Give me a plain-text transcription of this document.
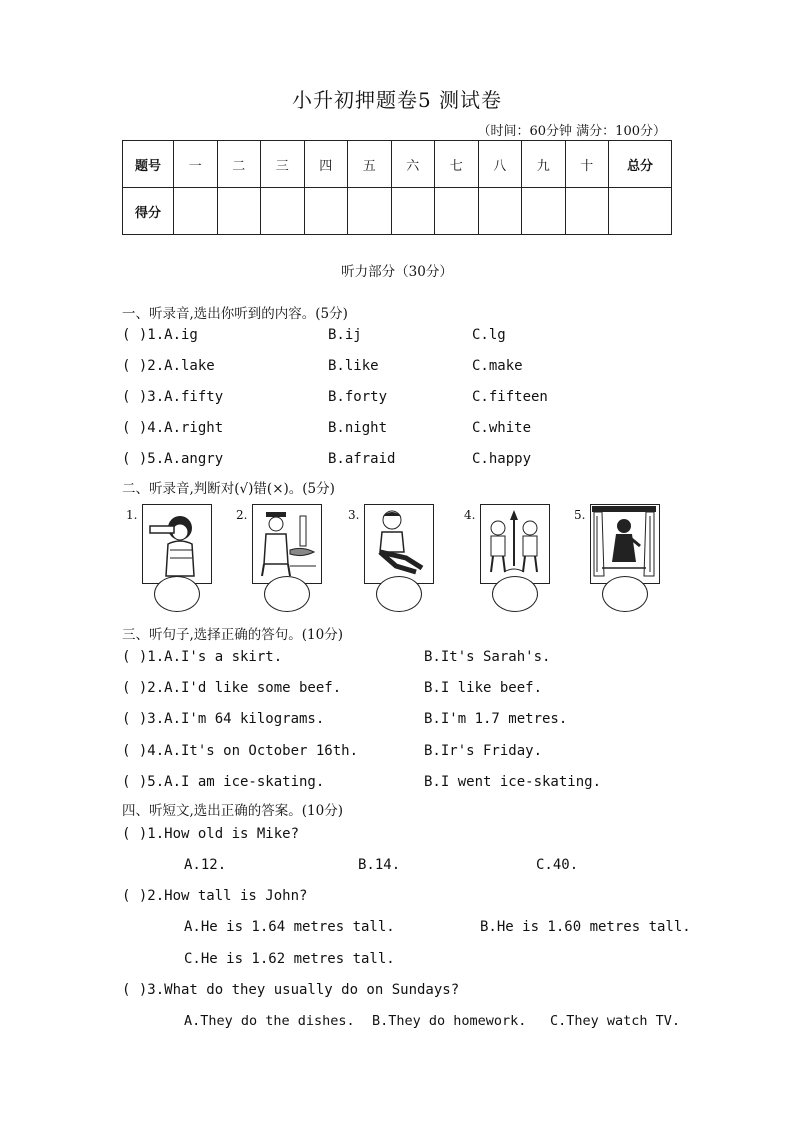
小升初押题卷5 测试卷
（时间：60分钟 满分：100分）
题号	一	二	三	四	五	六	七	八	九	十	总分
得分											
听力部分（30分）
一、听录音,选出你听到的内容。(5分)
( )1.A.ig	B.ij	C.lg
( )2.A.lake	B.like	C.make
( )3.A.fifty	B.forty	C.fifteen
( )4.A.right	B.night	C.white
( )5.A.angry	B.afraid	C.happy
二、听录音,判断对(√)错(×)。(5分)
1.	2.	3.	4.	5.
三、听句子,选择正确的答句。(10分)
( )1.A.I's a skirt.	B.It's Sarah's.
( )2.A.I'd like some beef.	B.I like beef.
( )3.A.I'm 64 kilograms.	B.I'm 1.7 metres.
( )4.A.It's on October 16th.	B.Ir's Friday.
( )5.A.I am ice-skating.	B.I went ice-skating.
四、听短文,选出正确的答案。(10分)
( )1.How old is Mike?
A.12.	B.14.	C.40.
( )2.How tall is John?
A.He is 1.64 metres tall.	B.He is 1.60 metres tall.
C.He is 1.62 metres tall.
( )3.What do they usually do on Sundays?
A.They do the dishes. B.They do homework. C.They watch TV.
